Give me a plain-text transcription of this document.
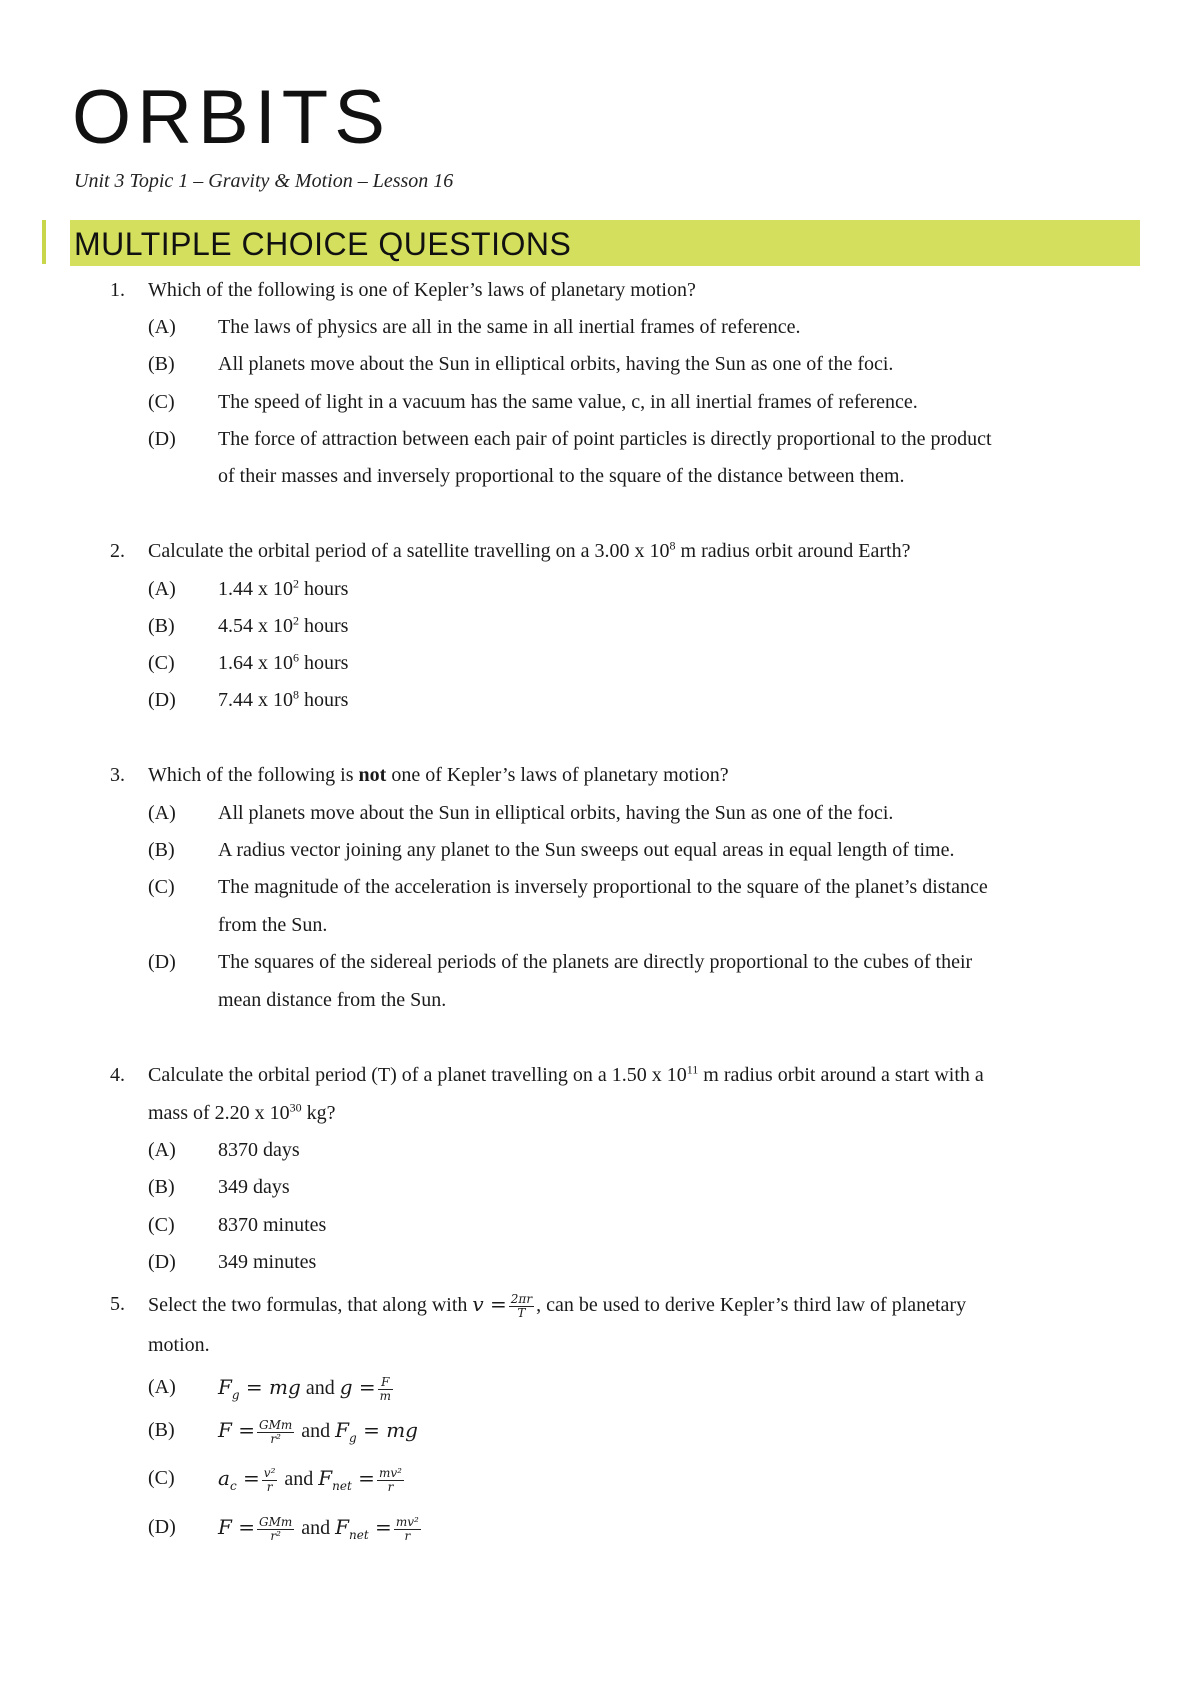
ORBITS
Unit 3 Topic 1 – Gravity & Motion – Lesson 16
MULTIPLE CHOICE QUESTIONS
1. Which of the following is one of Kepler’s laws of planetary motion?
(A) The laws of physics are all in the same in all inertial frames of reference.
(B) All planets move about the Sun in elliptical orbits, having the Sun as one of the foci.
(C) The speed of light in a vacuum has the same value, c, in all inertial frames of reference.
(D) The force of attraction between each pair of point particles is directly proportional to the product
of their masses and inversely proportional to the square of the distance between them.
2. Calculate the orbital period of a satellite travelling on a 3.00 x $10^8$ m radius orbit around Earth?
(A) 1.44 x $10^2$ hours
(B) 4.54 x $10^2$ hours
(C) 1.64 x $10^6$ hours
(D) 7.44 x $10^8$ hours
3. Which of the following is not one of Kepler’s laws of planetary motion?
(A) All planets move about the Sun in elliptical orbits, having the Sun as one of the foci.
(B) A radius vector joining any planet to the Sun sweeps out equal areas in equal length of time.
(C) The magnitude of the acceleration is inversely proportional to the square of the planet’s distance
from the Sun.
(D) The squares of the sidereal periods of the planets are directly proportional to the cubes of their
mean distance from the Sun.
4. Calculate the orbital period (T) of a planet travelling on a 1.50 x $10^{11}$ m radius orbit around a start with a
mass of 2.20 x $10^{30}$ kg?
(A) 8370 days
(B) 349 days
(C) 8370 minutes
(D) 349 minutes
5. Select the two formulas, that along with $v = \frac{2\pi r}{T}$ , can be used to derive Kepler’s third law of planetary
motion.
(A) $F_g$ = mg and $g = \frac{F}{m}$
(B) $F = \frac{\text{GMm}}{\text{r²}}$ and $F_g$ = mg
(C) $a_c = \frac{\text{v²}}{r}$ and $F_{net} = \frac{\text{mv²}}{r}$
(D) $F = \frac{\text{GMm}}{\text{r²}}$ and $F_{net} = \frac{\text{mv²}}{r}$
